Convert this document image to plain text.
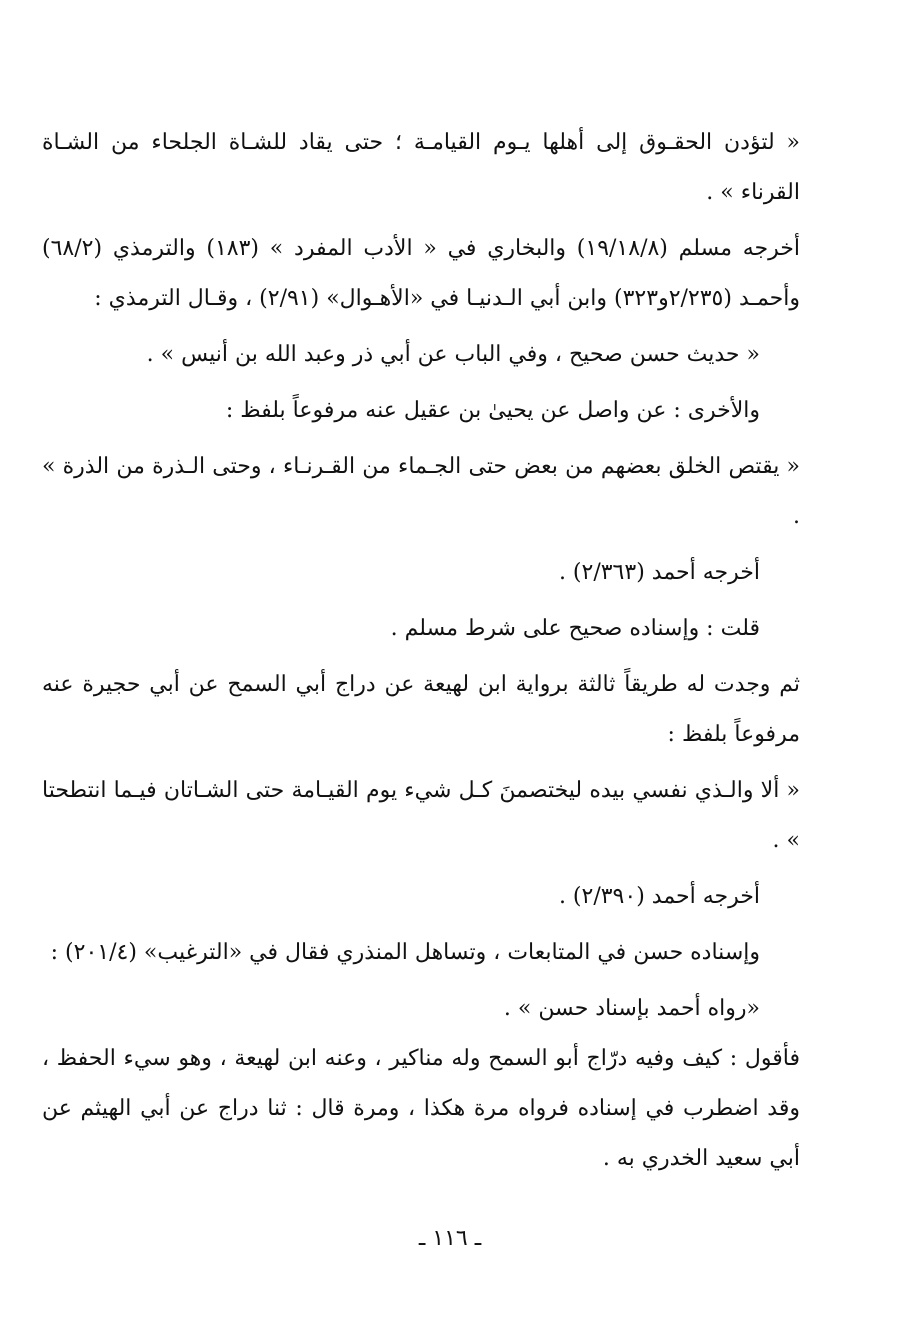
« لتؤدن الحقـوق إلى أهلها يـوم القيامـة ؛ حتى يقاد للشـاة الجلحاء من الشـاة القرناء » .

أخرجه مسلم (١٩/١٨/٨) والبخاري في « الأدب المفرد » (١٨٣) والترمذي (٦٨/٢) وأحمـد (٢/٢٣٥و٣٢٣) وابن أبي الـدنيـا في «الأهـوال» (٢/٩١) ، وقـال الترمذي :

« حديث حسن صحيح ، وفي الباب عن أبي ذر وعبد الله بن أنيس » .

والأخرى : عن واصل عن يحيىٰ بن عقيل عنه مرفوعاً بلفظ :

« يقتص الخلق بعضهم من بعض حتى الجـماء من القـرنـاء ، وحتى الـذرة من الذرة » .

أخرجه أحمد (٢/٣٦٣) .

قلت : وإسناده صحيح على شرط مسلم .

ثم وجدت له طريقاً ثالثة برواية ابن لهيعة عن دراج أبي السمح عن أبي حجيرة عنه مرفوعاً بلفظ :

« ألا والـذي نفسي بيده ليختصمنَ كـل شيء يوم القيـامة حتى الشـاتان فيـما انتطحتا » .

أخرجه أحمد (٢/٣٩٠) .

وإسناده حسن في المتابعات ، وتساهل المنذري فقال في «الترغيب» (٢٠١/٤) :

«رواه أحمد بإسناد حسن » .

فأقول : كيف وفيه درّاج أبو السمح وله مناكير ، وعنه ابن لهيعة ، وهو سيء الحفظ ، وقد اضطرب في إسناده فرواه مرة هكذا ، ومرة قال : ثنا دراج عن أبي الهيثم عن أبي سعيد الخدري به .

ـ ١١٦ ـ
